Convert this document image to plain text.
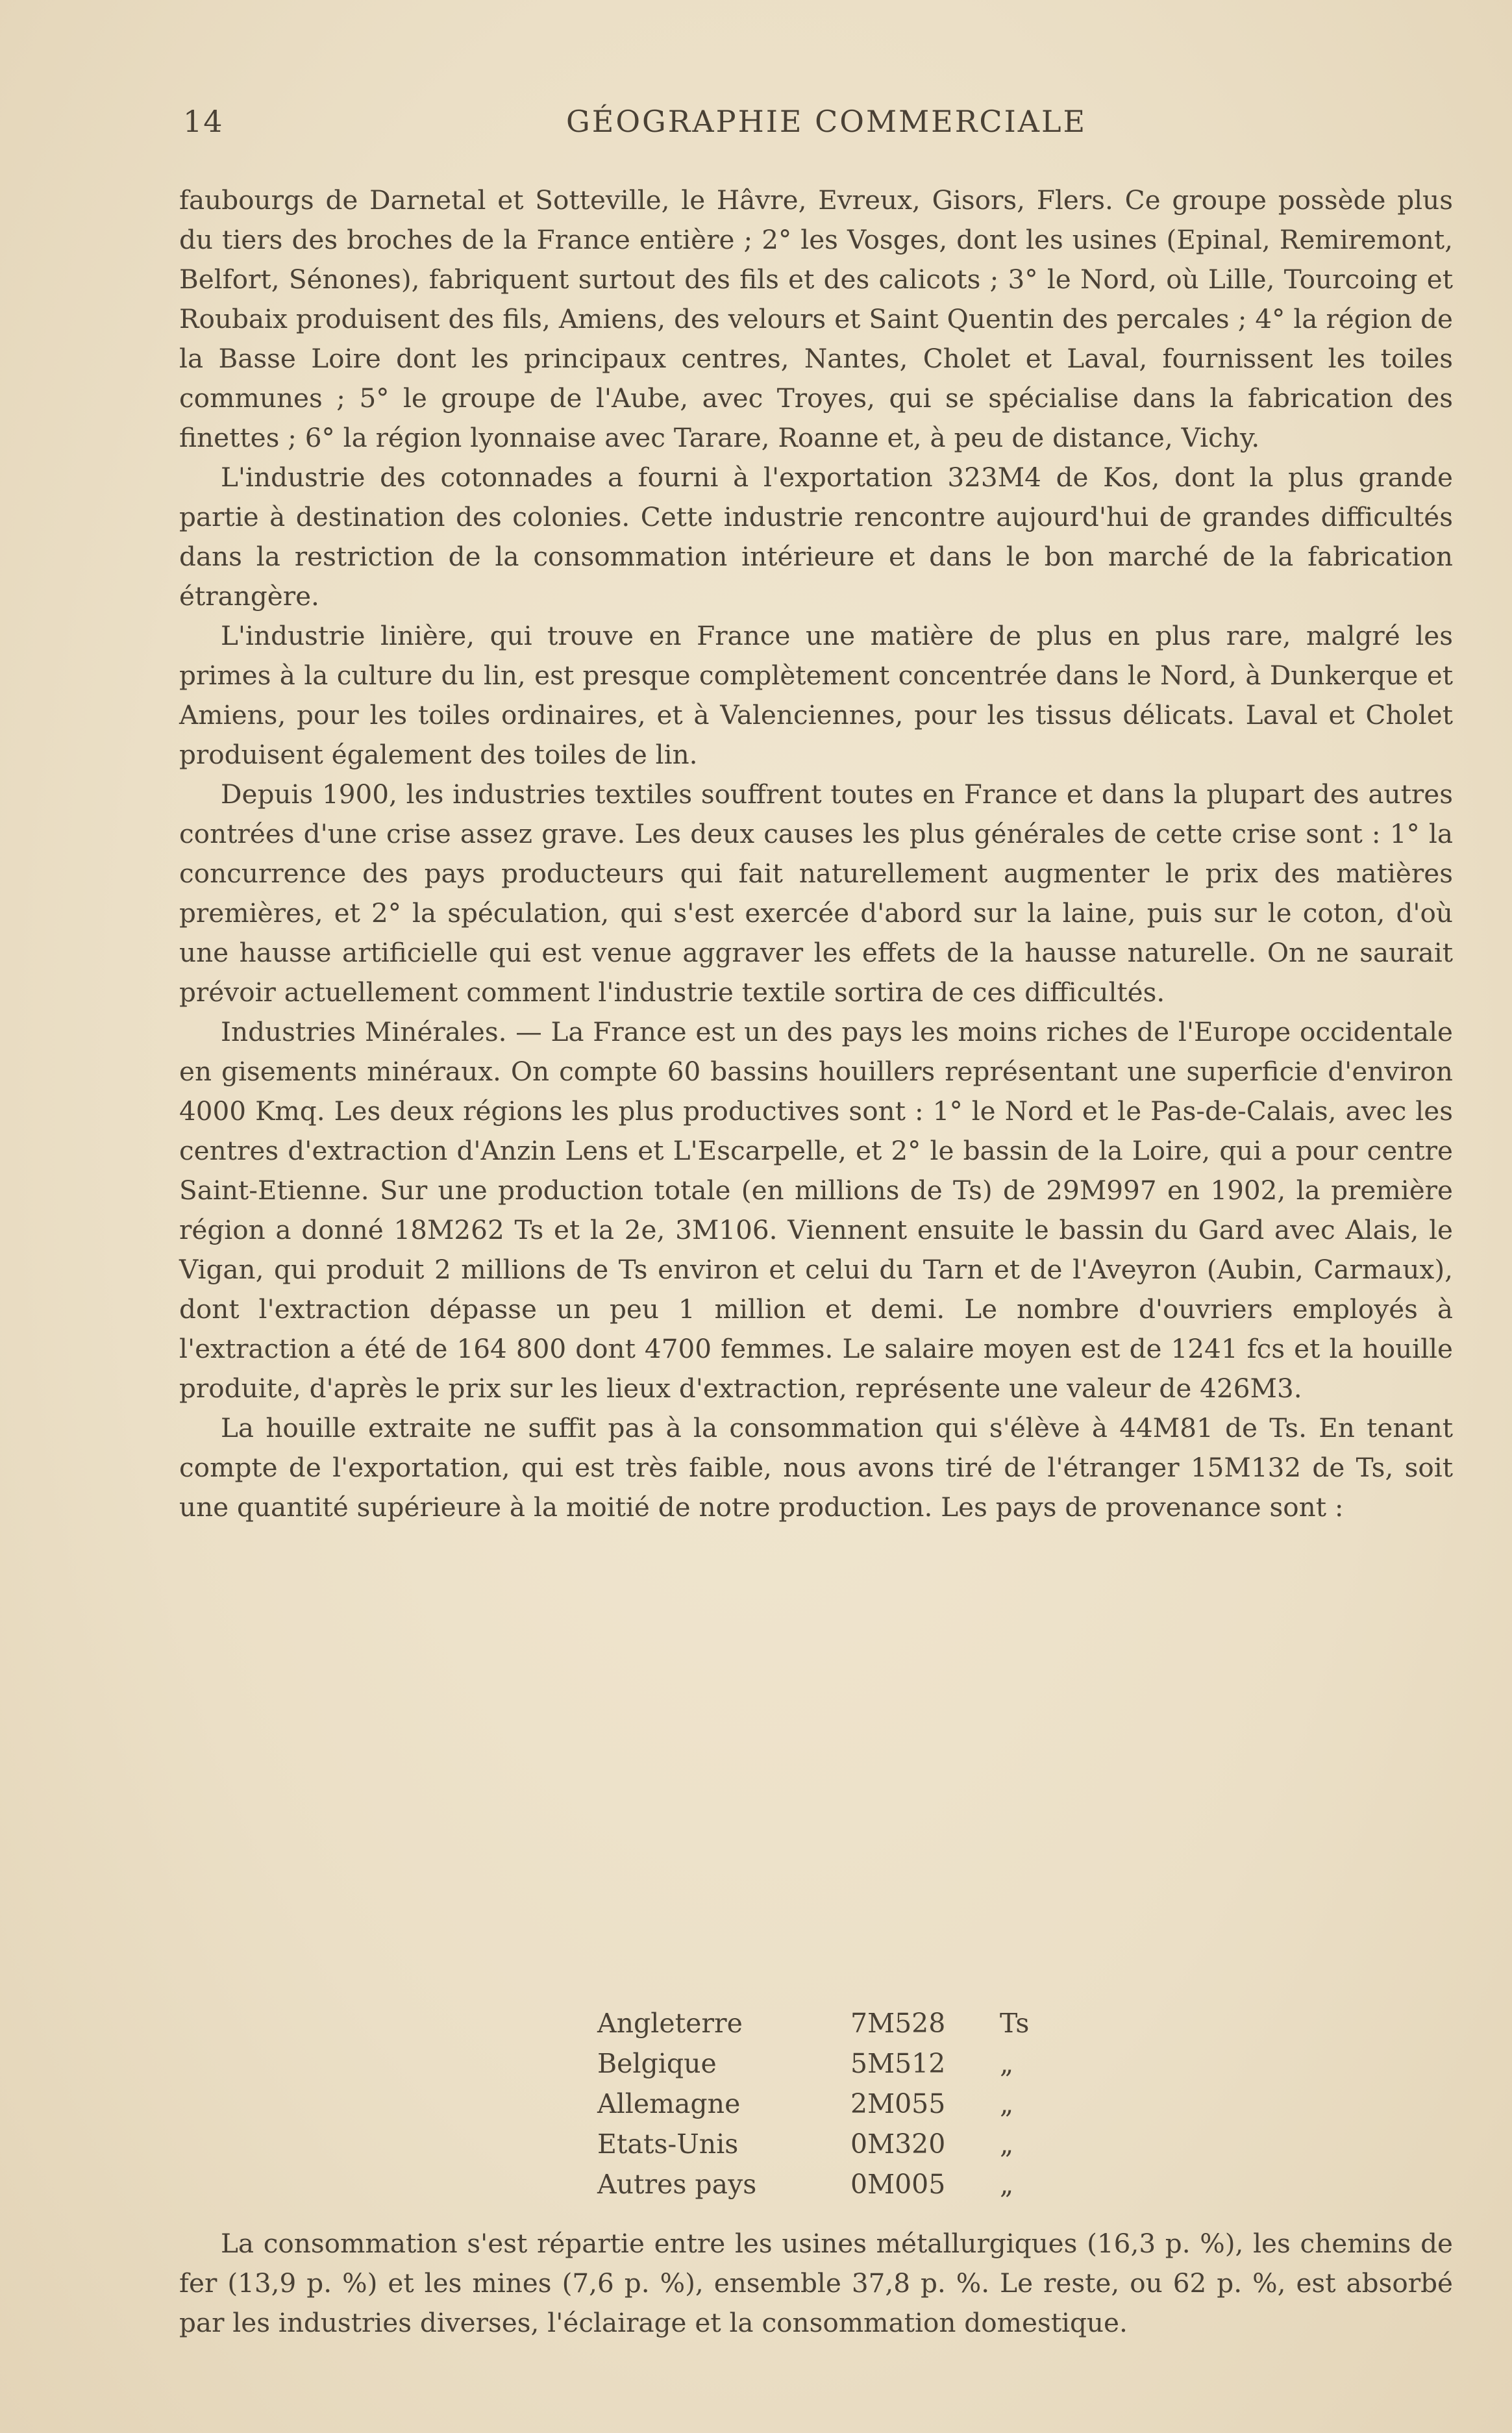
14	GÉOGRAPHIE COMMERCIALE

faubourgs de Darnetal et Sotteville, le Hâvre, Evreux, Gisors, Flers. Ce groupe possède plus du tiers des broches de la France entière ; 2° les Vosges, dont les usines (Epinal, Remiremont, Belfort, Sénones), fabriquent surtout des fils et des calicots ; 3° le Nord, où Lille, Tourcoing et Roubaix produisent des fils, Amiens, des velours et Saint Quentin des percales ; 4° la région de la Basse Loire dont les principaux centres, Nantes, Cholet et Laval, fournissent les toiles communes ; 5° le groupe de l'Aube, avec Troyes, qui se spécialise dans la fabrication des finettes ; 6° la région lyonnaise avec Tarare, Roanne et, à peu de distance, Vichy.

L'industrie des cotonnades a fourni à l'exportation 323M4 de Kos, dont la plus grande partie à destination des colonies. Cette industrie rencontre aujourd'hui de grandes difficultés dans la restriction de la consommation intérieure et dans le bon marché de la fabrication étrangère.

L'industrie linière, qui trouve en France une matière de plus en plus rare, malgré les primes à la culture du lin, est presque complètement concentrée dans le Nord, à Dunkerque et Amiens, pour les toiles ordinaires, et à Valenciennes, pour les tissus délicats. Laval et Cholet produisent également des toiles de lin.

Depuis 1900, les industries textiles souffrent toutes en France et dans la plupart des autres contrées d'une crise assez grave. Les deux causes les plus générales de cette crise sont : 1° la concurrence des pays producteurs qui fait naturellement augmenter le prix des matières premières, et 2° la spéculation, qui s'est exercée d'abord sur la laine, puis sur le coton, d'où une hausse artificielle qui est venue aggraver les effets de la hausse naturelle. On ne saurait prévoir actuellement comment l'industrie textile sortira de ces difficultés.

Industries Minérales. — La France est un des pays les moins riches de l'Europe occidentale en gisements minéraux. On compte 60 bassins houillers représentant une superficie d'environ 4000 Kmq. Les deux régions les plus productives sont : 1° le Nord et le Pas-de-Calais, avec les centres d'extraction d'Anzin Lens et L'Escarpelle, et 2° le bassin de la Loire, qui a pour centre Saint-Etienne. Sur une production totale (en millions de Ts) de 29M997 en 1902, la première région a donné 18M262 Ts et la 2e, 3M106. Viennent ensuite le bassin du Gard avec Alais, le Vigan, qui produit 2 millions de Ts environ et celui du Tarn et de l'Aveyron (Aubin, Carmaux), dont l'extraction dépasse un peu 1 million et demi. Le nombre d'ouvriers employés à l'extraction a été de 164 800 dont 4700 femmes. Le salaire moyen est de 1241 fcs et la houille produite, d'après le prix sur les lieux d'extraction, représente une valeur de 426M3.

La houille extraite ne suffit pas à la consommation qui s'élève à 44M81 de Ts. En tenant compte de l'exportation, qui est très faible, nous avons tiré de l'étranger 15M132 de Ts, soit une quantité supérieure à la moitié de notre production. Les pays de provenance sont :

Angleterre	7M528	Ts
Belgique	5M512	„
Allemagne	2M055	„
Etats-Unis	0M320	„
Autres pays	0M005	„

La consommation s'est répartie entre les usines métallurgiques (16,3 p. %), les chemins de fer (13,9 p. %) et les mines (7,6 p. %), ensemble 37,8 p. %. Le reste, ou 62 p. %, est absorbé par les industries diverses, l'éclairage et la consommation domestique.
